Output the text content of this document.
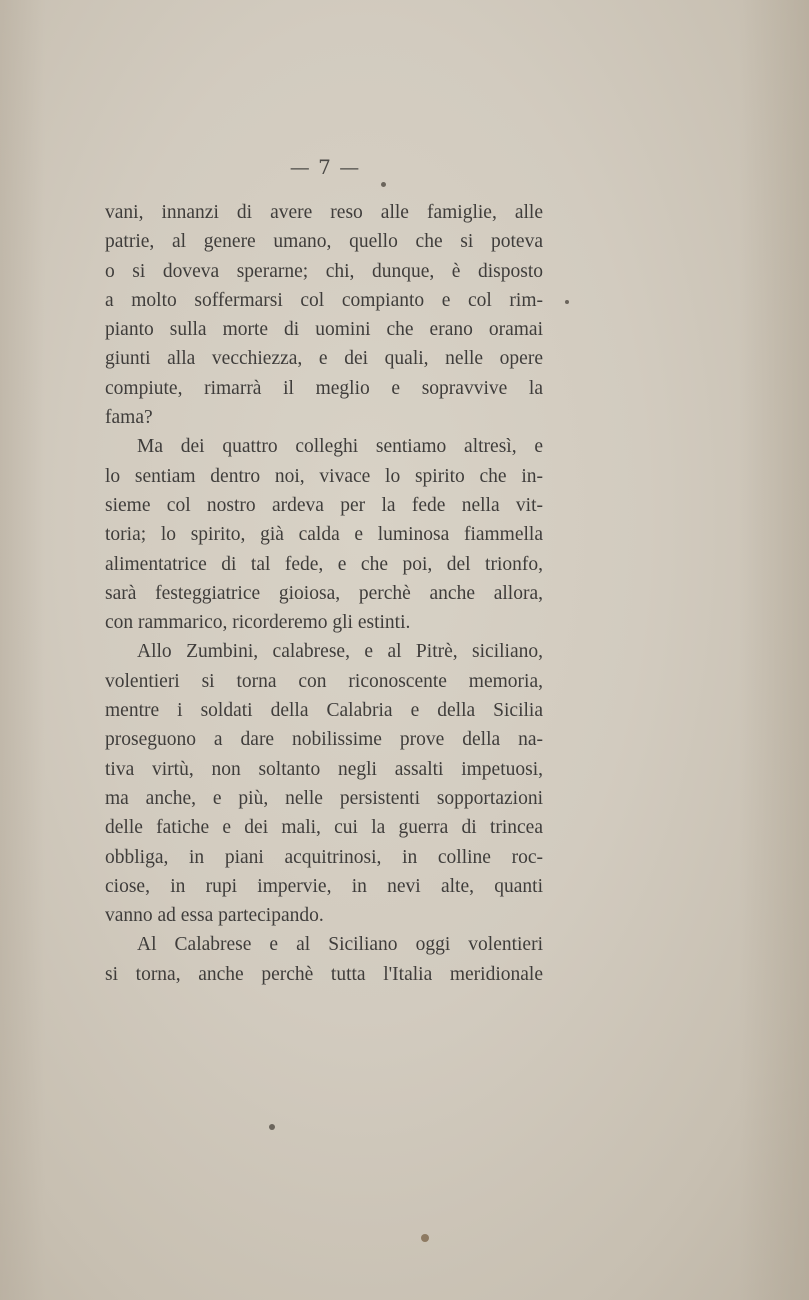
— 7 —
vani, innanzi di avere reso alle famiglie, alle
patrie, al genere umano, quello che si poteva
o si doveva sperarne; chi, dunque, è disposto
a molto soffermarsi col compianto e col rim-
pianto sulla morte di uomini che erano oramai
giunti alla vecchiezza, e dei quali, nelle opere
compiute, rimarrà il meglio e sopravvive la
fama?
Ma dei quattro colleghi sentiamo altresì, e
lo sentiam dentro noi, vivace lo spirito che in-
sieme col nostro ardeva per la fede nella vit-
toria; lo spirito, già calda e luminosa fiammella
alimentatrice di tal fede, e che poi, del trionfo,
sarà festeggiatrice gioiosa, perchè anche allora,
con rammarico, ricorderemo gli estinti.
Allo Zumbini, calabrese, e al Pitrè, siciliano,
volentieri si torna con riconoscente memoria,
mentre i soldati della Calabria e della Sicilia
proseguono a dare nobilissime prove della na-
tiva virtù, non soltanto negli assalti impetuosi,
ma anche, e più, nelle persistenti sopportazioni
delle fatiche e dei mali, cui la guerra di trincea
obbliga, in piani acquitrinosi, in colline roc-
ciose, in rupi impervie, in nevi alte, quanti
vanno ad essa partecipando.
Al Calabrese e al Siciliano oggi volentieri
si torna, anche perchè tutta l'Italia meridionale
